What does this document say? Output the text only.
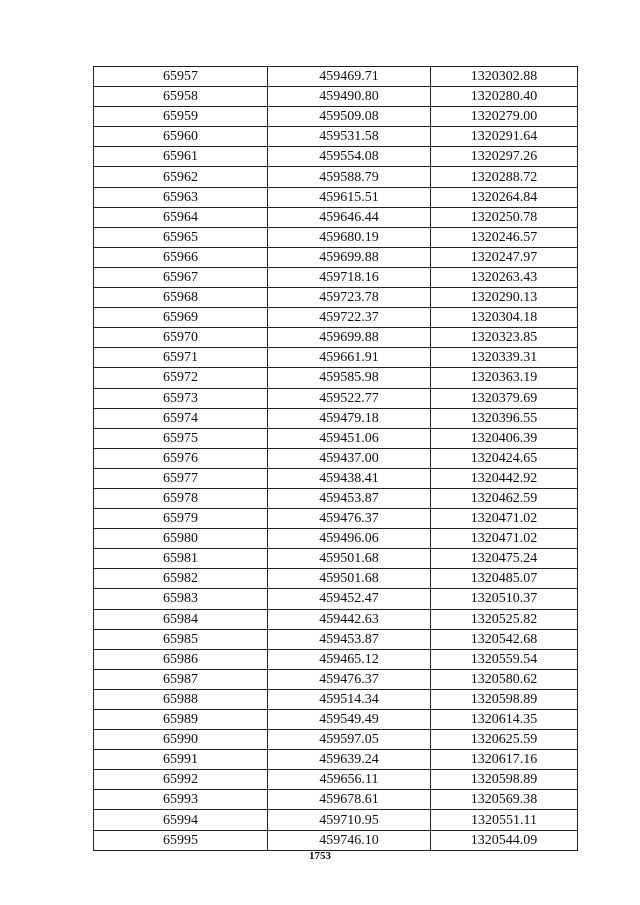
65957	459469.71	1320302.88
65958	459490.80	1320280.40
65959	459509.08	1320279.00
65960	459531.58	1320291.64
65961	459554.08	1320297.26
65962	459588.79	1320288.72
65963	459615.51	1320264.84
65964	459646.44	1320250.78
65965	459680.19	1320246.57
65966	459699.88	1320247.97
65967	459718.16	1320263.43
65968	459723.78	1320290.13
65969	459722.37	1320304.18
65970	459699.88	1320323.85
65971	459661.91	1320339.31
65972	459585.98	1320363.19
65973	459522.77	1320379.69
65974	459479.18	1320396.55
65975	459451.06	1320406.39
65976	459437.00	1320424.65
65977	459438.41	1320442.92
65978	459453.87	1320462.59
65979	459476.37	1320471.02
65980	459496.06	1320471.02
65981	459501.68	1320475.24
65982	459501.68	1320485.07
65983	459452.47	1320510.37
65984	459442.63	1320525.82
65985	459453.87	1320542.68
65986	459465.12	1320559.54
65987	459476.37	1320580.62
65988	459514.34	1320598.89
65989	459549.49	1320614.35
65990	459597.05	1320625.59
65991	459639.24	1320617.16
65992	459656.11	1320598.89
65993	459678.61	1320569.38
65994	459710.95	1320551.11
65995	459746.10	1320544.09
1753
